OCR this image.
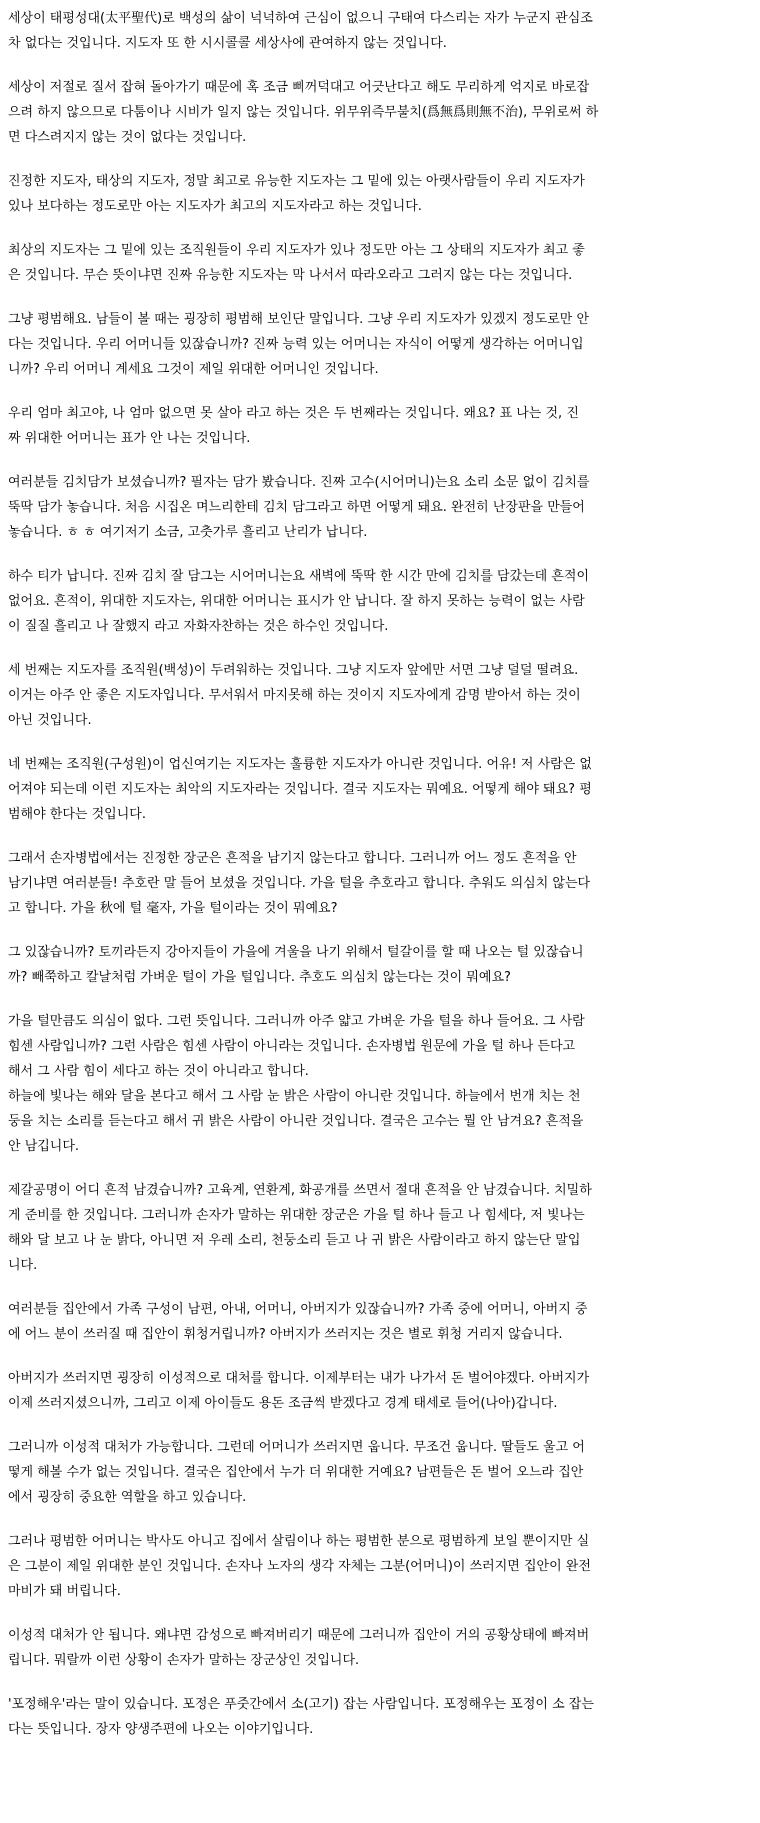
세상이 태평성대(太平聖代)로 백성의 삶이 넉넉하여 근심이 없으니 구태여 다스리는 자가 누군지 관심조
차 없다는 것입니다. 지도자 또 한 시시콜콜 세상사에 관여하지 않는 것입니다.
세상이 저절로 질서 잡혀 돌아가기 때문에 혹 조금 삐꺼덕대고 어긋난다고 해도 무리하게 억지로 바로잡
으려 하지 않으므로 다툼이나 시비가 일지 않는 것입니다. 위무위즉무불치(爲無爲則無不治), 무위로써 하
면 다스려지지 않는 것이 없다는 것입니다.
진정한 지도자, 태상의 지도자, 정말 최고로 유능한 지도자는 그 밑에 있는 아랫사람들이 우리 지도자가
있나 보다하는 정도로만 아는 지도자가 최고의 지도자라고 하는 것입니다.
최상의 지도자는 그 밑에 있는 조직원들이 우리 지도자가 있나 정도만 아는 그 상태의 지도자가 최고 좋
은 것입니다. 무슨 뜻이냐면 진짜 유능한 지도자는 막 나서서 따라오라고 그러지 않는 다는 것입니다.
그냥 평범해요. 남들이 볼 때는 굉장히 평범해 보인단 말입니다. 그냥 우리 지도자가 있겠지 정도로만 안
다는 것입니다. 우리 어머니들 있잖습니까? 진짜 능력 있는 어머니는 자식이 어떻게 생각하는 어머니입
니까? 우리 어머니 계세요 그것이 제일 위대한 어머니인 것입니다.
우리 엄마 최고야, 나 엄마 없으면 못 살아 라고 하는 것은 두 번째라는 것입니다. 왜요? 표 나는 것, 진
짜 위대한 어머니는 표가 안 나는 것입니다.
여러분들 김치담가 보셨습니까? 필자는 담가 봤습니다. 진짜 고수(시어머니)는요 소리 소문 없이 김치를
뚝딱 담가 놓습니다. 처음 시집온 며느리한테 김치 담그라고 하면 어떻게 돼요. 완전히 난장판을 만들어
놓습니다. ㅎ ㅎ 여기저기 소금, 고춧가루 흘리고 난리가 납니다.
하수 티가 납니다. 진짜 김치 잘 담그는 시어머니는요 새벽에 뚝딱 한 시간 만에 김치를 담갔는데 흔적이
없어요. 흔적이, 위대한 지도자는, 위대한 어머니는 표시가 안 납니다. 잘 하지 못하는 능력이 없는 사람
이 질질 흘리고 나 잘했지 라고 자화자찬하는 것은 하수인 것입니다.
세 번째는 지도자를 조직원(백성)이 두려워하는 것입니다. 그냥 지도자 앞에만 서면 그냥 덜덜 떨려요.
이거는 아주 안 좋은 지도자입니다. 무서워서 마지못해 하는 것이지 지도자에게 감명 받아서 하는 것이
아닌 것입니다.
네 번째는 조직원(구성원)이 업신여기는 지도자는 훌륭한 지도자가 아니란 것입니다. 어유! 저 사람은 없
어져야 되는데 이런 지도자는 최악의 지도자라는 것입니다. 결국 지도자는 뭐예요. 어떻게 해야 돼요? 평
범해야 한다는 것입니다.
그래서 손자병법에서는 진정한 장군은 흔적을 남기지 않는다고 합니다. 그러니까 어느 정도 흔적을 안
남기냐면 여러분들! 추호란 말 들어 보셨을 것입니다. 가을 털을 추호라고 합니다. 추워도 의심치 않는다
고 합니다. 가을 秋에 털 毫자, 가을 털이라는 것이 뭐예요?
그 있잖습니까? 토끼라든지 강아지들이 가을에 겨울을 나기 위해서 털갈이를 할 때 나오는 털 있잖습니
까? 빼쭉하고 칼날처럼 가벼운 털이 가을 털입니다. 추호도 의심치 않는다는 것이 뭐예요?
가을 털만큼도 의심이 없다. 그런 뜻입니다. 그러니까 아주 얇고 가벼운 가을 털을 하나 들어요. 그 사람
힘센 사람입니까? 그런 사람은 힘센 사람이 아니라는 것입니다. 손자병법 원문에 가을 털 하나 든다고
해서 그 사람 힘이 세다고 하는 것이 아니라고 합니다.
하늘에 빛나는 해와 달을 본다고 해서 그 사람 눈 밝은 사람이 아니란 것입니다. 하늘에서 번개 치는 천
둥을 치는 소리를 듣는다고 해서 귀 밝은 사람이 아니란 것입니다. 결국은 고수는 뭘 안 남겨요? 흔적을
안 남깁니다.
제갈공명이 어디 흔적 남겼습니까? 고육계, 연환계, 화공개를 쓰면서 절대 흔적을 안 남겼습니다. 치밀하
게 준비를 한 것입니다. 그러니까 손자가 말하는 위대한 장군은 가을 털 하나 들고 나 힘세다, 저 빛나는
해와 달 보고 나 눈 밝다, 아니면 저 우레 소리, 천둥소리 듣고 나 귀 밝은 사람이라고 하지 않는단 말입
니다.
여러분들 집안에서 가족 구성이 남편, 아내, 어머니, 아버지가 있잖습니까? 가족 중에 어머니, 아버지 중
에 어느 분이 쓰러질 때 집안이 휘청거립니까? 아버지가 쓰러지는 것은 별로 휘청 거리지 않습니다.
아버지가 쓰러지면 굉장히 이성적으로 대처를 합니다. 이제부터는 내가 나가서 돈 벌어야겠다. 아버지가
이제 쓰러지셨으니까, 그리고 이제 아이들도 용돈 조금씩 받겠다고 경계 태세로 들어(나아)갑니다.
그러니까 이성적 대처가 가능합니다. 그런데 어머니가 쓰러지면 웁니다. 무조건 웁니다. 딸들도 울고 어
떻게 해볼 수가 없는 것입니다. 결국은 집안에서 누가 더 위대한 거예요? 남편들은 돈 벌어 오느라 집안
에서 굉장히 중요한 역할을 하고 있습니다.
그러나 평범한 어머니는 박사도 아니고 집에서 살림이나 하는 평범한 분으로 평범하게 보일 뿐이지만 실
은 그분이 제일 위대한 분인 것입니다. 손자나 노자의 생각 자체는 그분(어머니)이 쓰러지면 집안이 완전
마비가 돼 버립니다.
이성적 대처가 안 됩니다. 왜냐면 감성으로 빠져버리기 때문에 그러니까 집안이 거의 공황상태에 빠져버
립니다. 뭐랄까 이런 상황이 손자가 말하는 장군상인 것입니다.
'포정해우'라는 말이 있습니다. 포정은 푸줏간에서 소(고기) 잡는 사람입니다. 포정해우는 포정이 소 잡는
다는 뜻입니다. 장자 양생주편에 나오는 이야기입니다.
